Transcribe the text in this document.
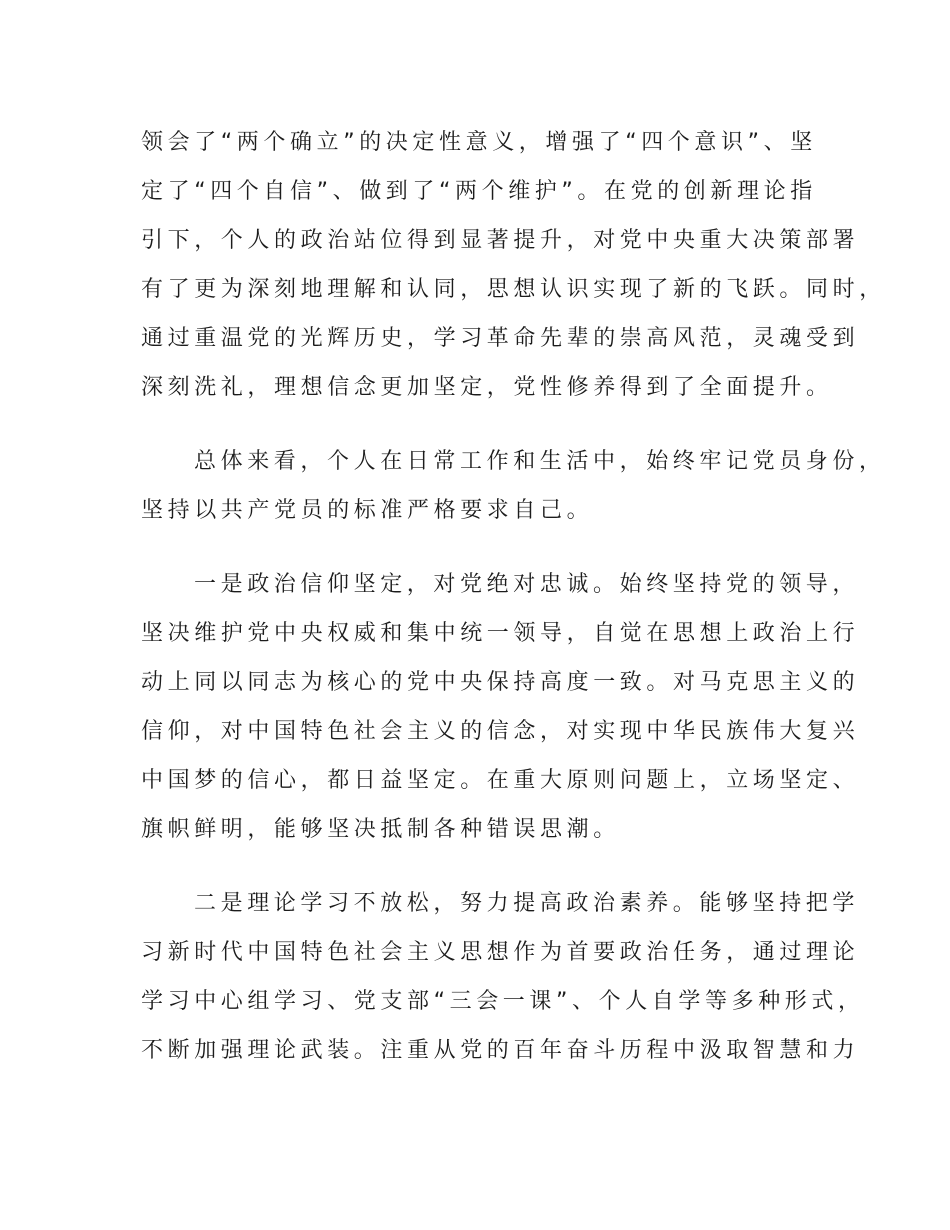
领会了“两个确立”的决定性意义，增强了“四个意识”、坚
定了“四个自信”、做到了“两个维护”。在党的创新理论指
引下，个人的政治站位得到显著提升，对党中央重大决策部署
有了更为深刻地理解和认同，思想认识实现了新的飞跃。同时，
通过重温党的光辉历史，学习革命先辈的崇高风范，灵魂受到
深刻洗礼，理想信念更加坚定，党性修养得到了全面提升。
总体来看，个人在日常工作和生活中，始终牢记党员身份，
坚持以共产党员的标准严格要求自己。
一是政治信仰坚定，对党绝对忠诚。始终坚持党的领导，
坚决维护党中央权威和集中统一领导，自觉在思想上政治上行
动上同以同志为核心的党中央保持高度一致。对马克思主义的
信仰，对中国特色社会主义的信念，对实现中华民族伟大复兴
中国梦的信心，都日益坚定。在重大原则问题上，立场坚定、
旗帜鲜明，能够坚决抵制各种错误思潮。
二是理论学习不放松，努力提高政治素养。能够坚持把学
习新时代中国特色社会主义思想作为首要政治任务，通过理论
学习中心组学习、党支部“三会一课”、个人自学等多种形式，
不断加强理论武装。注重从党的百年奋斗历程中汲取智慧和力
